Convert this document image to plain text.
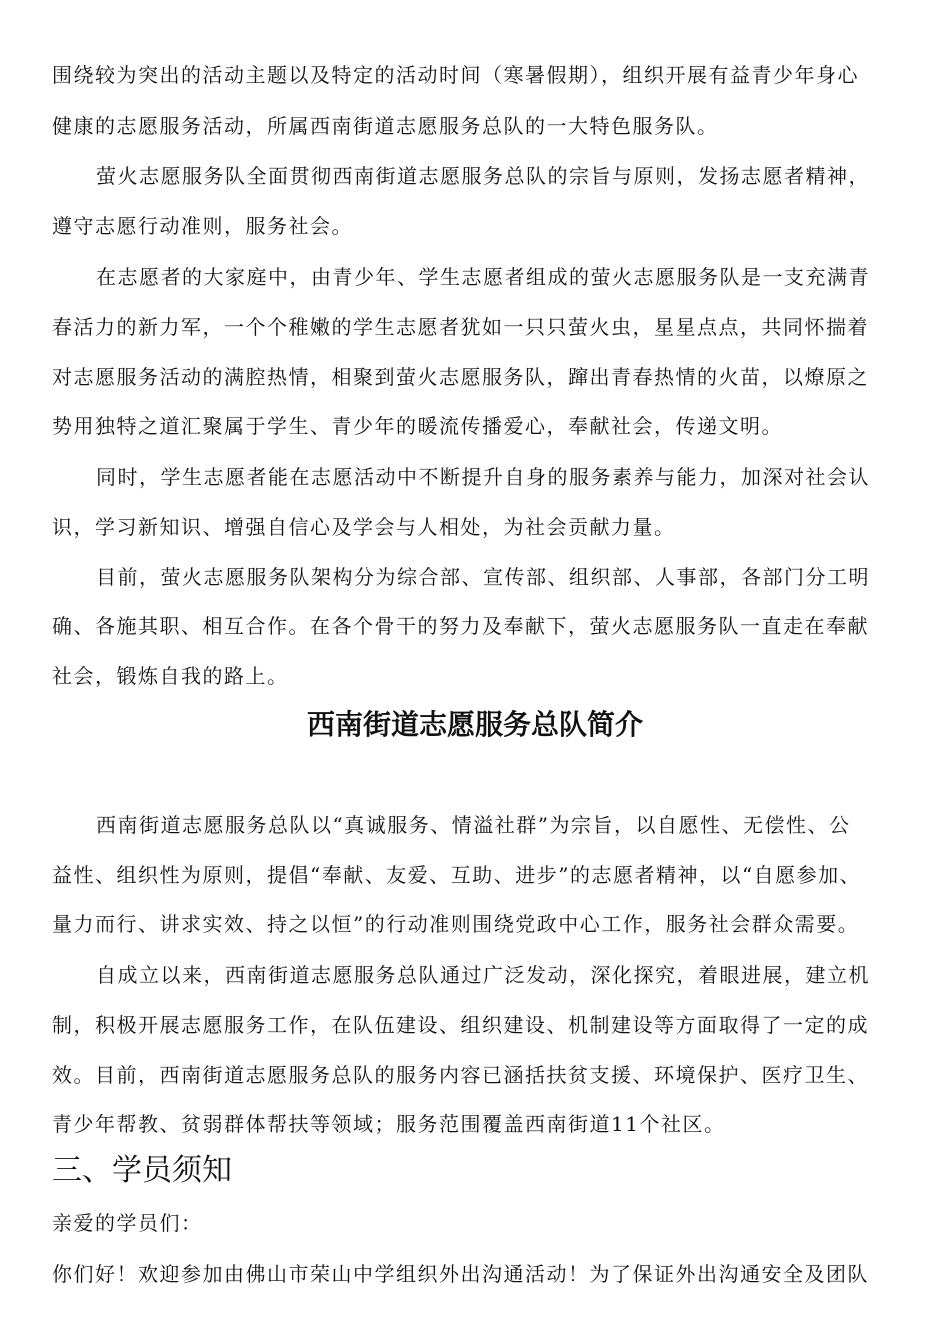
围绕较为突出的活动主题以及特定的活动时间（寒暑假期），组织开展有益青少年身心
健康的志愿服务活动，所属西南街道志愿服务总队的一大特色服务队。
萤火志愿服务队全面贯彻西南街道志愿服务总队的宗旨与原则，发扬志愿者精神，
遵守志愿行动准则，服务社会。
在志愿者的大家庭中，由青少年、学生志愿者组成的萤火志愿服务队是一支充满青
春活力的新力军，一个个稚嫩的学生志愿者犹如一只只萤火虫，星星点点，共同怀揣着
对志愿服务活动的满腔热情，相聚到萤火志愿服务队，蹿出青春热情的火苗，以燎原之
势用独特之道汇聚属于学生、青少年的暖流传播爱心，奉献社会，传递文明。
同时，学生志愿者能在志愿活动中不断提升自身的服务素养与能力，加深对社会认
识，学习新知识、增强自信心及学会与人相处，为社会贡献力量。
目前，萤火志愿服务队架构分为综合部、宣传部、组织部、人事部，各部门分工明
确、各施其职、相互合作。在各个骨干的努力及奉献下，萤火志愿服务队一直走在奉献
社会，锻炼自我的路上。
西南街道志愿服务总队简介
西南街道志愿服务总队以“真诚服务、情溢社群”为宗旨，以自愿性、无偿性、公
益性、组织性为原则，提倡“奉献、友爱、互助、进步”的志愿者精神，以“自愿参加、
量力而行、讲求实效、持之以恒”的行动准则围绕党政中心工作，服务社会群众需要。
自成立以来，西南街道志愿服务总队通过广泛发动，深化探究，着眼进展，建立机
制，积极开展志愿服务工作，在队伍建设、组织建设、机制建设等方面取得了一定的成
效。目前，西南街道志愿服务总队的服务内容已涵括扶贫支援、环境保护、医疗卫生、
青少年帮教、贫弱群体帮扶等领域；服务范围覆盖西南街道11个社区。
三、学员须知
亲爱的学员们：
你们好！欢迎参加由佛山市荣山中学组织外出沟通活动！为了保证外出沟通安全及团队
